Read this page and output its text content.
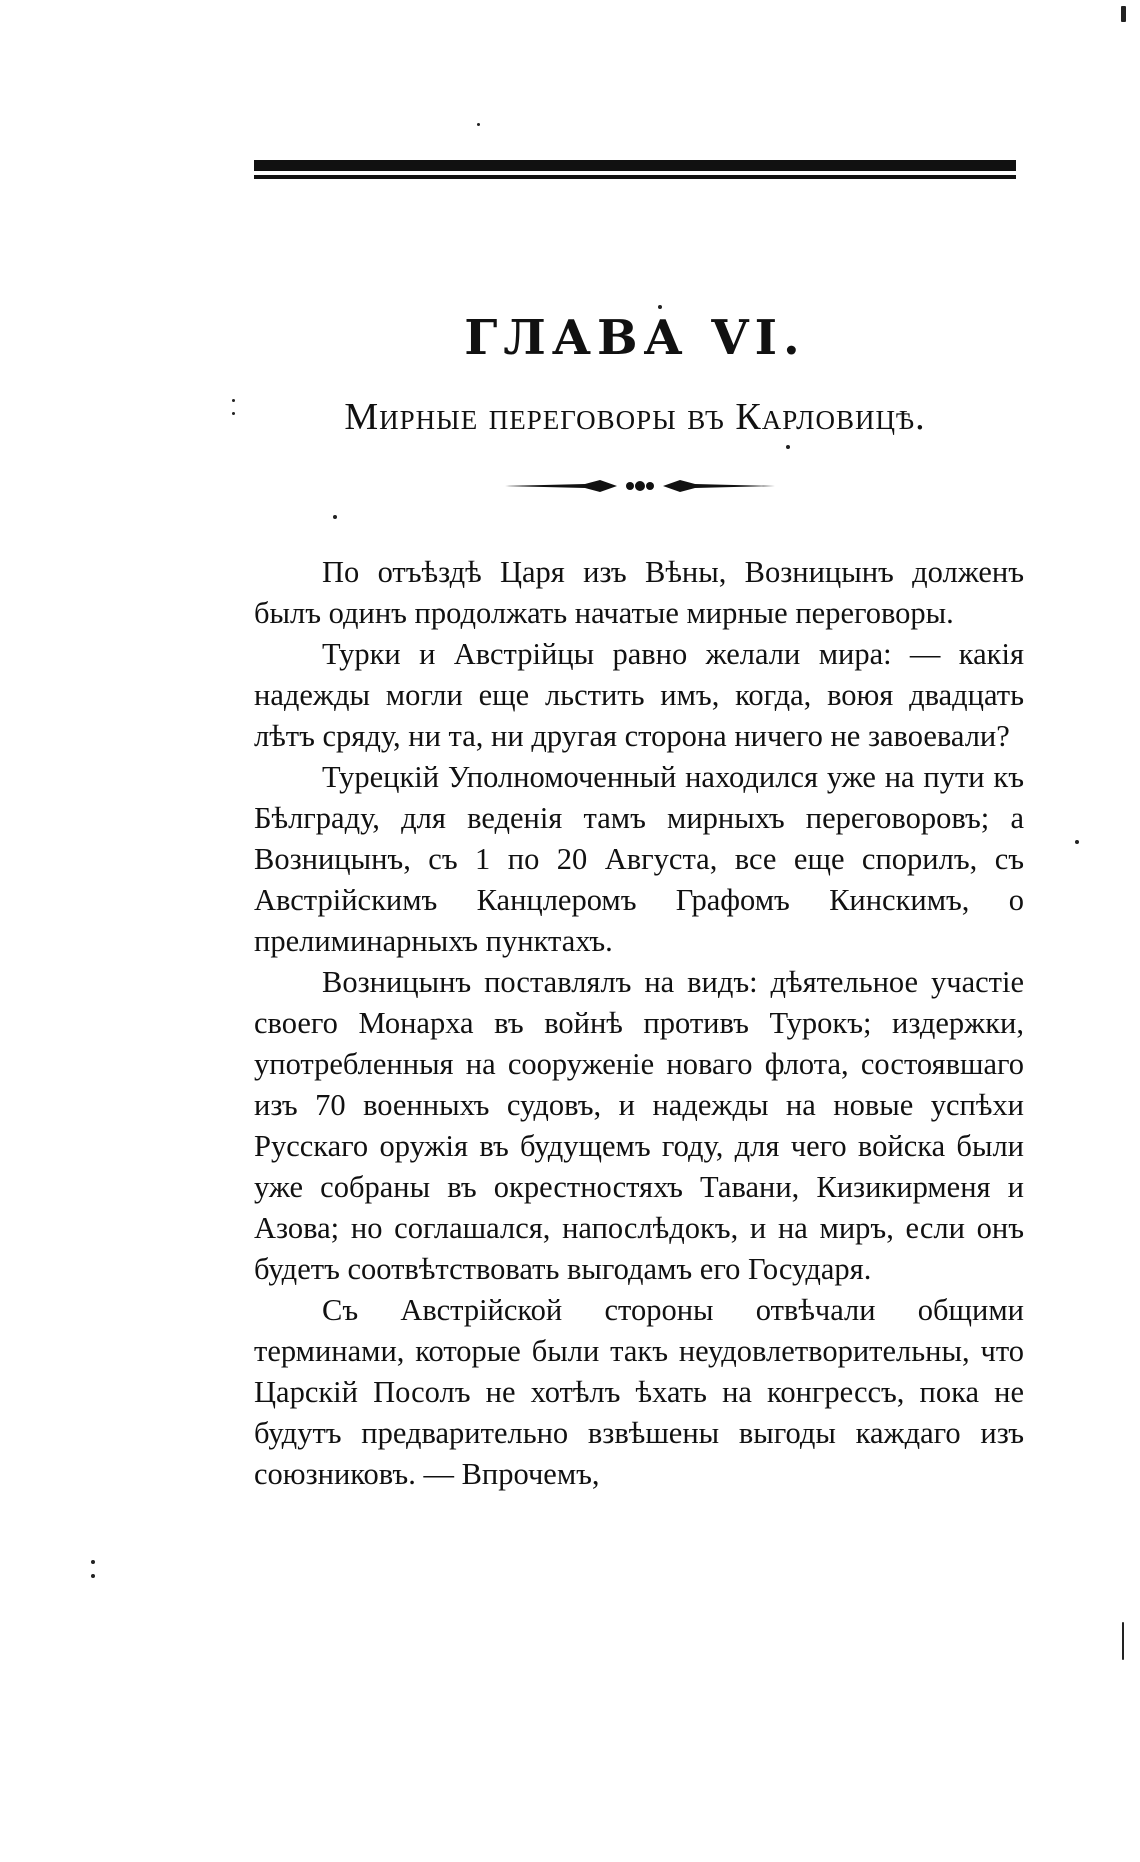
ГЛАВА VI.
Мирные переговоры въ Карловицѣ.

По отъѣздѣ Царя изъ Вѣны, Возницынъ долженъ былъ одинъ продолжать начатые мирные переговоры.

Турки и Австрійцы равно желали мира: — какія надежды могли еще льстить имъ, когда, воюя двадцать лѣтъ сряду, ни та, ни другая сторона ничего не завоевали?

Турецкій Уполномоченный находился уже на пути къ Бѣлграду, для веденія тамъ мирныхъ переговоровъ; а Возницынъ, съ 1 по 20 Августа, все еще спорилъ, съ Австрійскимъ Канцлеромъ Графомъ Кинскимъ, о прелиминарныхъ пунктахъ.

Возницынъ поставлялъ на видъ: дѣятельное участіе своего Монарха въ войнѣ противъ Турокъ; издержки, употребленныя на сооруженіе новаго флота, состоявшаго изъ 70 военныхъ судовъ, и надежды на новые успѣхи Русскаго оружія въ будущемъ году, для чего войска были уже собраны въ окрестностяхъ Тавани, Кизикирменя и Азова; но соглашался, напослѣдокъ, и на миръ, если онъ будетъ соотвѣтствовать выгодамъ его Государя.

Съ Австрійской стороны отвѣчали общими терминами, которые были такъ неудовлетворительны, что Царскій Посолъ не хотѣлъ ѣхать на конгрессъ, пока не будутъ предварительно взвѣшены выгоды каждаго изъ союзниковъ. — Впрочемъ,
